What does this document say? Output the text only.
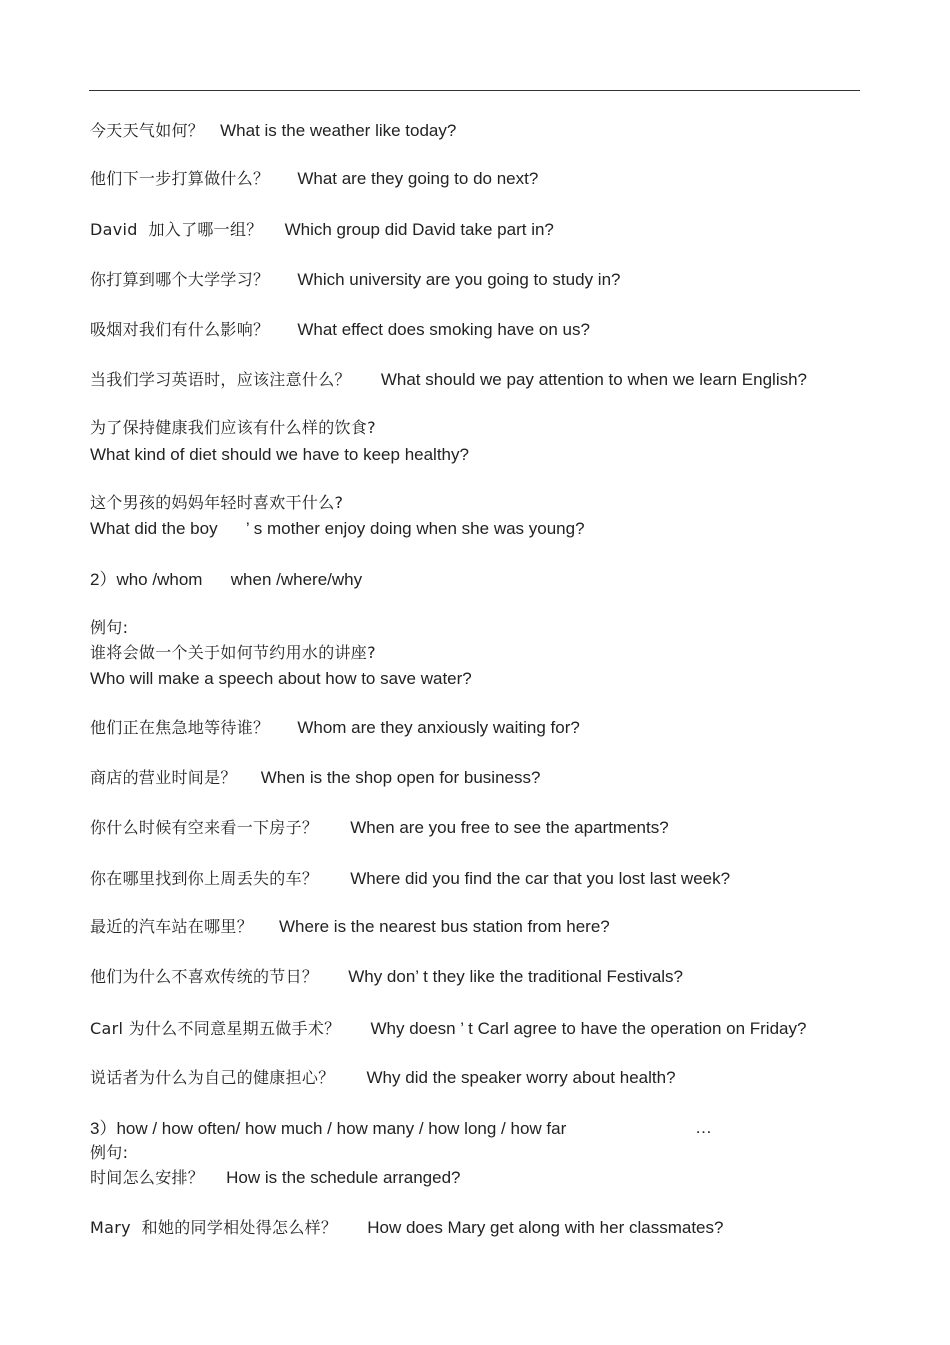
今天天气如何？ What is the weather like today?
他们下一步打算做什么？ What are they going to do next?
David  加入了哪一组？ Which group did David take part in?
你打算到哪个大学学习？ Which university are you going to study in?
吸烟对我们有什么影响？ What effect does smoking have on us?
当我们学习英语时，应该注意什么？ What should we pay attention to when we learn English?
为了保持健康我们应该有什么样的饮食?
What kind of diet should we have to keep healthy?
这个男孩的妈妈年轻时喜欢干什么?
What did the boy      ’ s mother enjoy doing when she was young?
2）who /whom      when /where/why
例句:
谁将会做一个关于如何节约用水的讲座?
Who will make a speech about how to save water?
他们正在焦急地等待谁？ Whom are they anxiously waiting for?
商店的营业时间是？ When is the shop open for business?
你什么时候有空来看一下房子？ When are you free to see the apartments?
你在哪里找到你上周丢失的车？ Where did you find the car that you lost last week?
最近的汽车站在哪里？ Where is the nearest bus station from here?
他们为什么不喜欢传统的节日？ Why don’ t they like the traditional Festivals?
Carl 为什么不同意星期五做手术？ Why doesn ’ t Carl agree to have the operation on Friday?
说话者为什么为自己的健康担心？ Why did the speaker worry about health?
3）how / how often/ how much / how many / how long / how far
例句:
时间怎么安排？ How is the schedule arranged?
Mary  和她的同学相处得怎么样？ How does Mary get along with her classmates?
…
